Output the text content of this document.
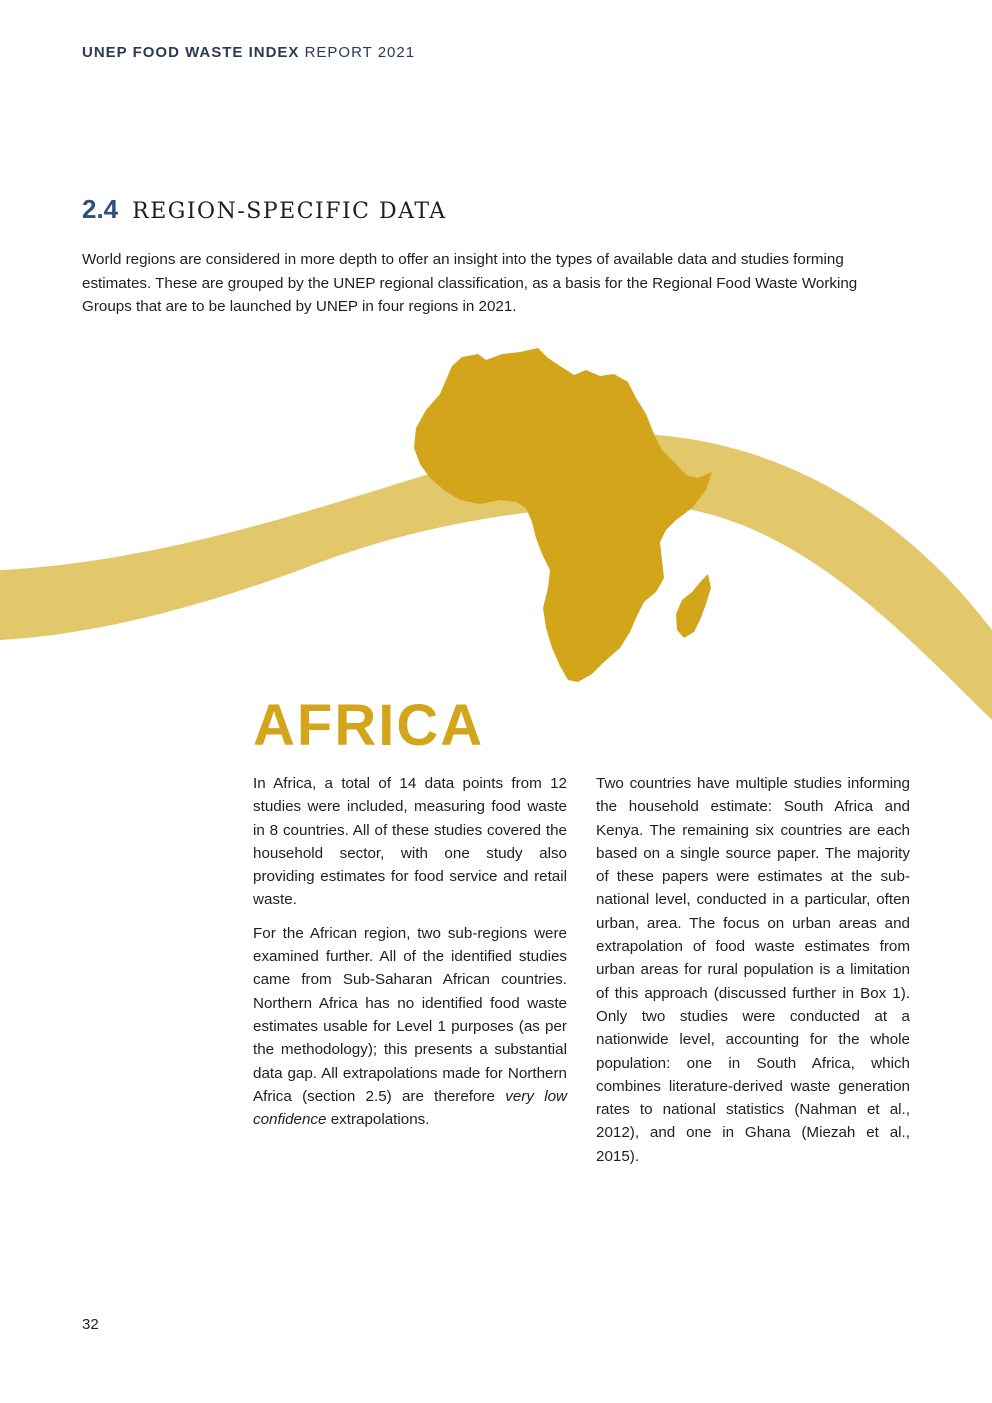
UNEP FOOD WASTE INDEX REPORT 2021
2.4 REGION-SPECIFIC DATA

World regions are considered in more depth to offer an insight into the types of available data and studies forming estimates. These are grouped by the UNEP regional classification, as a basis for the Regional Food Waste Working Groups that are to be launched by UNEP in four regions in 2021.

AFRICA

In Africa, a total of 14 data points from 12 studies were included, measuring food waste in 8 countries. All of these studies covered the household sector, with one study also providing estimates for food service and retail waste.

For the African region, two sub-regions were examined further. All of the identified studies came from Sub-Saharan African countries. Northern Africa has no identified food waste estimates usable for Level 1 purposes (as per the methodology); this presents a substantial data gap. All extrapolations made for Northern Africa (section 2.5) are therefore very low confidence extrapolations.

Two countries have multiple studies informing the household estimate: South Africa and Kenya. The remaining six countries are each based on a single source paper. The majority of these papers were estimates at the sub-national level, conducted in a particular, often urban, area. The focus on urban areas and extrapolation of food waste estimates from urban areas for rural population is a limitation of this approach (discussed further in Box 1). Only two studies were conducted at a nationwide level, accounting for the whole population: one in South Africa, which combines literature-derived waste generation rates to national statistics (Nahman et al., 2012), and one in Ghana (Miezah et al., 2015).

32
